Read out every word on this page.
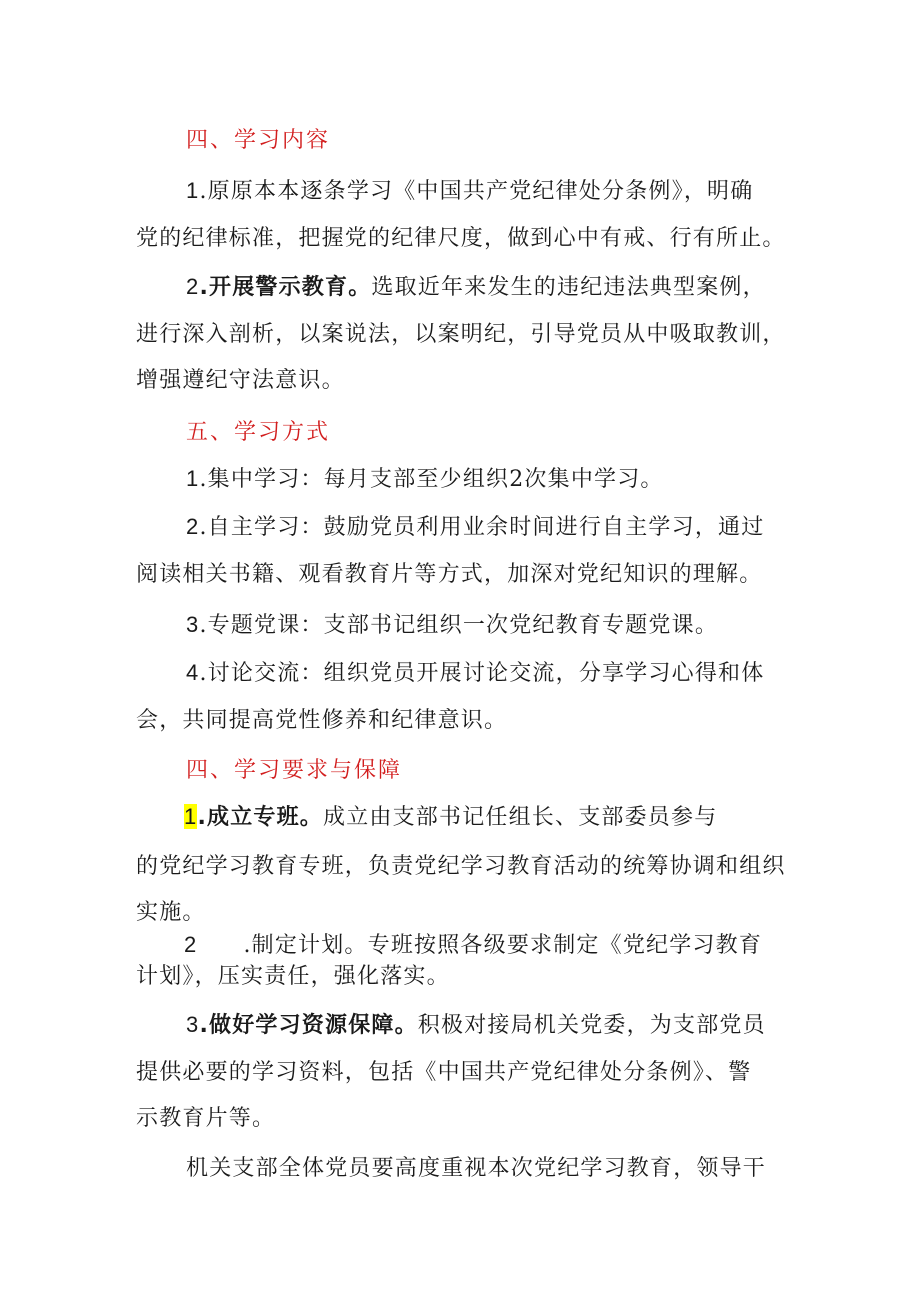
四、学习内容
1.原原本本逐条学习《中国共产党纪律处分条例》，明确
党的纪律标准，把握党的纪律尺度，做到心中有戒、行有所止。
2.开展警示教育。选取近年来发生的违纪违法典型案例，
进行深入剖析，以案说法，以案明纪，引导党员从中吸取教训，
增强遵纪守法意识。
五、学习方式
1.集中学习：每月支部至少组织2次集中学习。
2.自主学习：鼓励党员利用业余时间进行自主学习，通过
阅读相关书籍、观看教育片等方式，加深对党纪知识的理解。
3.专题党课：支部书记组织一次党纪教育专题党课。
4.讨论交流：组织党员开展讨论交流，分享学习心得和体
会，共同提高党性修养和纪律意识。
四、学习要求与保障
1.成立专班。成立由支部书记任组长、支部委员参与
的党纪学习教育专班，负责党纪学习教育活动的统筹协调和组织
实施。
2 .制定计划。专班按照各级要求制定《党纪学习教育
计划》，压实责任，强化落实。
3.做好学习资源保障。积极对接局机关党委，为支部党员
提供必要的学习资料，包括《中国共产党纪律处分条例》、警
示教育片等。
机关支部全体党员要高度重视本次党纪学习教育，领导干
